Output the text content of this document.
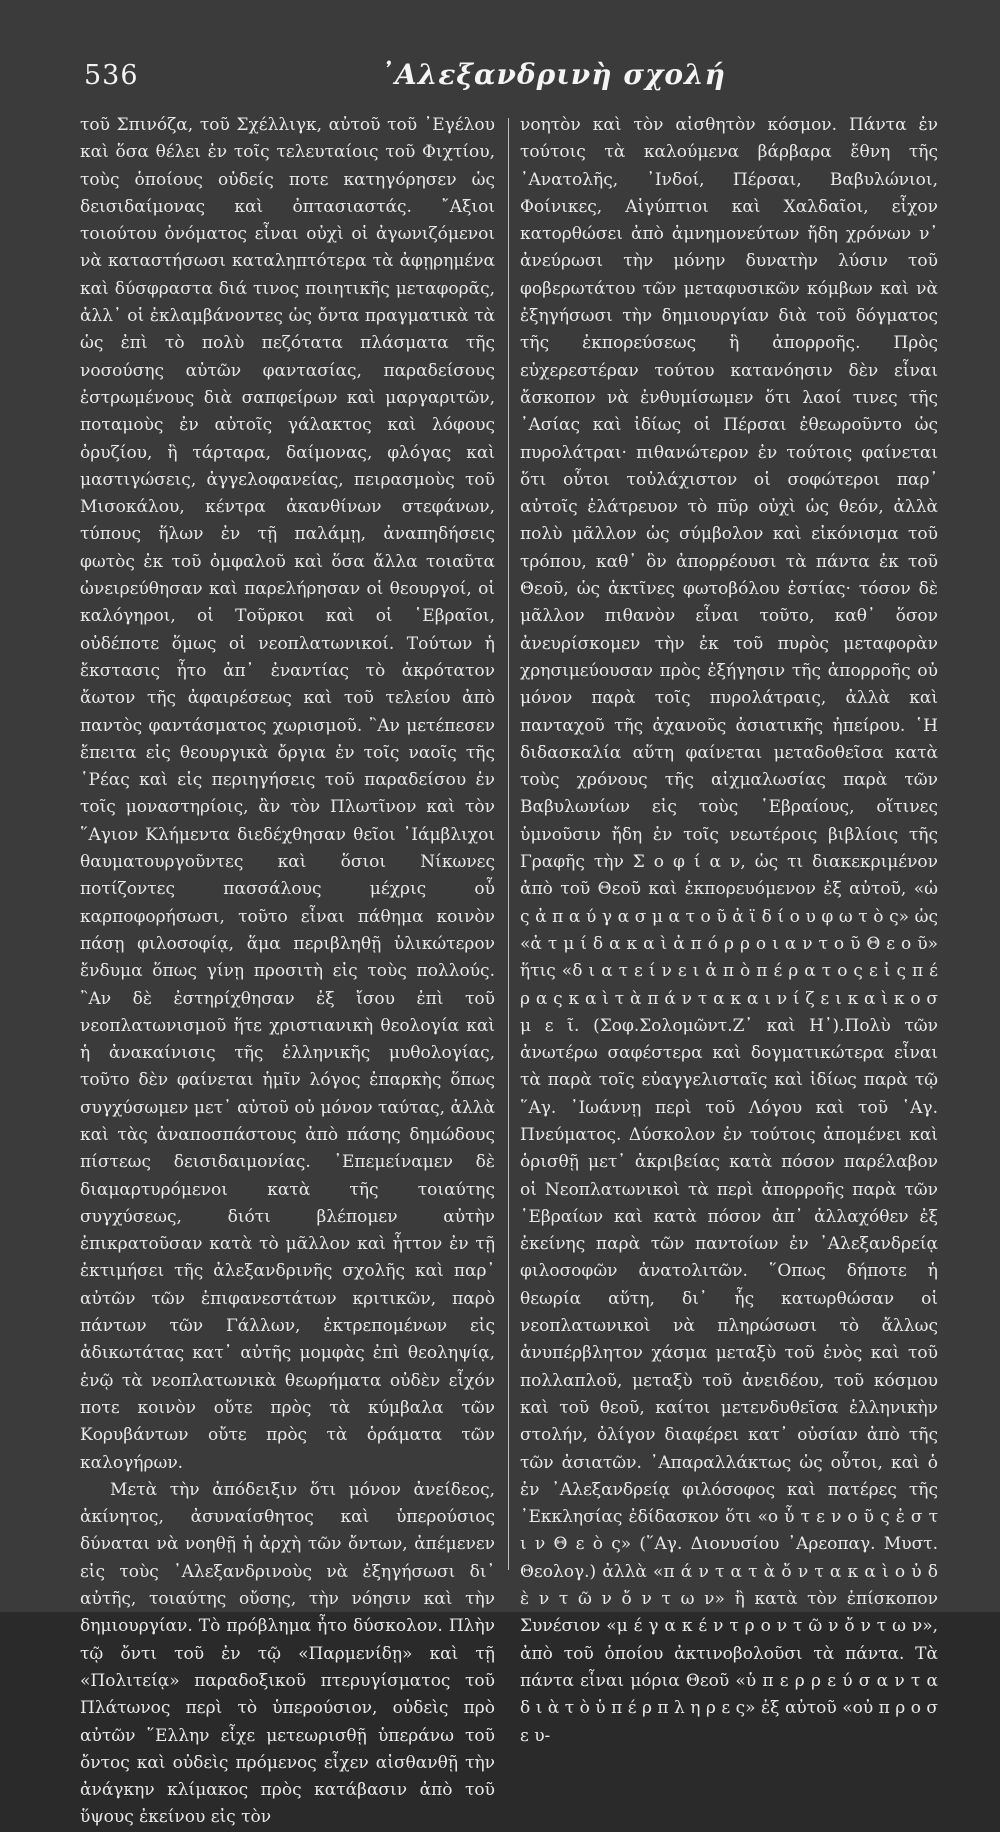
536	᾿Αλεξανδρινὴ σχολή

τοῦ Σπινόζα, τοῦ Σχέλλιγκ, αὐτοῦ τοῦ ᾿Εγέλου καὶ ὅσα θέλει ἐν τοῖς τελευταίοις τοῦ Φιχτίου, τοὺς ὁποίους οὐδείς ποτε κατηγόρησεν ὡς δεισιδαίμονας καὶ ὀπτασιαστάς. ῎Αξιοι τοιούτου ὀνόματος εἶναι οὐχὶ οἱ ἀγωνιζόμενοι νὰ καταστήσωσι καταληπτότερα τὰ ἀφῃρημένα καὶ δύσφραστα διά τινος ποιητικῆς μεταφορᾶς, ἀλλ᾿ οἱ ἐκλαμβάνοντες ὡς ὄντα πραγματικὰ τὰ ὡς ἐπὶ τὸ πολὺ πεζότατα πλάσματα τῆς νοσούσης αὐτῶν φαντασίας, παραδείσους ἐστρωμένους διὰ σαπφείρων καὶ μαργαριτῶν, ποταμοὺς ἐν αὐτοῖς γάλακτος καὶ λόφους ὀρυζίου, ἢ τάρταρα, δαίμονας, φλόγας καὶ μαστιγώσεις, ἀγγελοφανείας, πειρασμοὺς τοῦ Μισοκάλου, κέντρα ἀκανθίνων στεφάνων, τύπους ἥλων ἐν τῇ παλάμῃ, ἀναπηδήσεις φωτὸς ἐκ τοῦ ὀμφαλοῦ καὶ ὅσα ἄλλα τοιαῦτα ὠνειρεύθησαν καὶ παρελήρησαν οἱ θεουργοί, οἱ καλόγηροι, οἱ Τοῦρκοι καὶ οἱ ῾Εβραῖοι, οὐδέποτε ὅμως οἱ νεοπλατωνικοί. Τούτων ἡ ἔκστασις ἦτο ἀπ᾿ ἐναντίας τὸ ἀκρότατον ἄωτον τῆς ἀφαιρέσεως καὶ τοῦ τελείου ἀπὸ παντὸς φαντάσματος χωρισμοῦ. ῍Αν μετέπεσεν ἔπειτα εἰς θεουργικὰ ὄργια ἐν τοῖς ναοῖς τῆς ῾Ρέας καὶ εἰς περιηγήσεις τοῦ παραδείσου ἐν τοῖς μοναστηρίοις, ἂν τὸν Πλωτῖνον καὶ τὸν ῞Αγιον Κλήμεντα διεδέχθησαν θεῖοι ᾿Ιάμβλιχοι θαυματουργοῦντες καὶ ὅσιοι Νίκωνες ποτίζοντες πασσάλους μέχρις οὗ καρποφορήσωσι, τοῦτο εἶναι πάθημα κοινὸν πάσῃ φιλοσοφίᾳ, ἅμα περιβληθῇ ὑλικώτερον ἔνδυμα ὅπως γίνῃ προσιτὴ εἰς τοὺς πολλούς. ῍Αν δὲ ἐστηρίχθησαν ἐξ ἴσου ἐπὶ τοῦ νεοπλατωνισμοῦ ἥτε χριστιανικὴ θεολογία καὶ ἡ ἀνακαίνισις τῆς ἑλληνικῆς μυθολογίας, τοῦτο δὲν φαίνεται ἡμῖν λόγος ἐπαρκὴς ὅπως συγχύσωμεν μετ᾿ αὐτοῦ οὐ μόνον ταύτας, ἀλλὰ καὶ τὰς ἀναποσπάστους ἀπὸ πάσης δημώδους πίστεως δεισιδαιμονίας. ᾿Επεμείναμεν δὲ διαμαρτυρόμενοι κατὰ τῆς τοιαύτης συγχύσεως, διότι βλέπομεν αὐτὴν ἐπικρατοῦσαν κατὰ τὸ μᾶλλον καὶ ἧττον ἐν τῇ ἐκτιμήσει τῆς ἀλεξανδρινῆς σχολῆς καὶ παρ᾿ αὐτῶν τῶν ἐπιφανεστάτων κριτικῶν, παρὸ πάντων τῶν Γάλλων, ἐκτρεπομένων εἰς ἀδικωτάτας κατ᾿ αὐτῆς μομφὰς ἐπὶ θεοληψίᾳ, ἐνῷ τὰ νεοπλατωνικὰ θεωρήματα οὐδὲν εἶχόν ποτε κοινὸν οὔτε πρὸς τὰ κύμβαλα τῶν Κορυβάντων οὔτε πρὸς τὰ ὁράματα τῶν καλογήρων.

Μετὰ τὴν ἀπόδειξιν ὅτι μόνον ἀνείδεος, ἀκίνητος, ἀσυναίσθητος καὶ ὑπερούσιος δύναται νὰ νοηθῇ ἡ ἀρχὴ τῶν ὄντων, ἀπέμενεν εἰς τοὺς ᾿Αλεξανδρινοὺς νὰ ἐξηγήσωσι δι᾿ αὐτῆς, τοιαύτης οὔσης, τὴν νόησιν καὶ τὴν δημιουργίαν. Τὸ πρόβλημα ἦτο δύσκολον. Πλὴν τῷ ὄντι τοῦ ἐν τῷ «Παρμενίδῃ» καὶ τῇ «Πολιτείᾳ» παραδοξικοῦ πτερυγίσματος τοῦ Πλάτωνος περὶ τὸ ὑπερούσιον, οὐδεὶς πρὸ αὐτῶν ῞Ελλην εἶχε μετεωρισθῇ ὑπεράνω τοῦ ὄντος καὶ οὐδεὶς πρόμενος εἶχεν αἰσθανθῇ τὴν ἀνάγκην κλίμακος πρὸς κατάβασιν ἀπὸ τοῦ ὕψους ἐκείνου εἰς τὸν

νοητὸν καὶ τὸν αἰσθητὸν κόσμον. Πάντα ἐν τούτοις τὰ καλούμενα βάρβαρα ἔθνη τῆς ᾿Ανατολῆς, ᾿Ινδοί, Πέρσαι, Βαβυλώνιοι, Φοίνικες, Αἰγύπτιοι καὶ Χαλδαῖοι, εἶχον κατορθώσει ἀπὸ ἀμνημονεύτων ἤδη χρόνων ν᾿ ἀνεύρωσι τὴν μόνην δυνατὴν λύσιν τοῦ φοβερωτάτου τῶν μεταφυσικῶν κόμβων καὶ νὰ ἐξηγήσωσι τὴν δημιουργίαν διὰ τοῦ δόγματος τῆς ἐκπορεύσεως ἢ ἀπορροῆς. Πρὸς εὐχερεστέραν τούτου κατανόησιν δὲν εἶναι ἄσκοπον νὰ ἐνθυμίσωμεν ὅτι λαοί τινες τῆς ᾿Ασίας καὶ ἰδίως οἱ Πέρσαι ἐθεωροῦντο ὡς πυρολάτραι· πιθανώτερον ἐν τούτοις φαίνεται ὅτι οὗτοι τοὐλάχιστον οἱ σοφώτεροι παρ᾿ αὐτοῖς ἐλάτρευον τὸ πῦρ οὐχὶ ὡς θεόν, ἀλλὰ πολὺ μᾶλλον ὡς σύμβολον καὶ εἰκόνισμα τοῦ τρόπου, καθ᾿ ὃν ἀπορρέουσι τὰ πάντα ἐκ τοῦ Θεοῦ, ὡς ἀκτῖνες φωτοβόλου ἑστίας· τόσον δὲ μᾶλλον πιθανὸν εἶναι τοῦτο, καθ᾿ ὅσον ἀνευρίσκομεν τὴν ἐκ τοῦ πυρὸς μεταφορὰν χρησιμεύουσαν πρὸς ἐξήγησιν τῆς ἀπορροῆς οὐ μόνον παρὰ τοῖς πυρολάτραις, ἀλλὰ καὶ πανταχοῦ τῆς ἀχανοῦς ἀσιατικῆς ἠπείρου. ῾Η διδασκαλία αὕτη φαίνεται μεταδοθεῖσα κατὰ τοὺς χρόνους τῆς αἰχμαλωσίας παρὰ τῶν Βαβυλωνίων εἰς τοὺς ῾Εβραίους, οἵτινες ὑμνοῦσιν ἤδη ἐν τοῖς νεωτέροις βιβλίοις τῆς Γραφῆς τὴν Σ ο φ ί α ν, ὡς τι διακεκριμένον ἀπὸ τοῦ Θεοῦ καὶ ἐκπορευόμενον ἐξ αὐτοῦ, «ὡ ς ἀ π α ύ γ α σ μ α τ ο ῦ ἀ ϊ δ ί ο υ φ ω τ ὸ ς» ὡς «ἀ τ μ ί δ α κ α ὶ ἀ π ό ρ ρ ο ι α ν τ ο ῦ Θ ε ο ῦ» ἥτις «δ ι α τ ε ί ν ε ι ἀ π ὸ π έ ρ α τ ο ς ε ἰ ς π έ ρ α ς κ α ὶ τ ὰ π ά ν τ α κ α ι ν ί ζ ε ι κ α ὶ κ ο σ μ ε ῖ. (Σοφ.Σολομῶντ.Ζ᾿ καὶ Η᾿).Πολὺ τῶν ἀνωτέρω σαφέστερα καὶ δογματικώτερα εἶναι τὰ παρὰ τοῖς εὐαγγελισταῖς καὶ ἰδίως παρὰ τῷ ῞Αγ. ᾿Ιωάννῃ περὶ τοῦ Λόγου καὶ τοῦ ῾Αγ. Πνεύματος. Δύσκολον ἐν τούτοις ἀπομένει καὶ ὁρισθῇ μετ᾿ ἀκριβείας κατὰ πόσον παρέλαβον οἱ Νεοπλατωνικοὶ τὰ περὶ ἀπορροῆς παρὰ τῶν ῾Εβραίων καὶ κατὰ πόσον ἀπ᾿ ἀλλαχόθεν ἐξ ἐκείνης παρὰ τῶν παντοίων ἐν ᾿Αλεξανδρείᾳ φιλοσοφῶν ἀνατολιτῶν. ῞Οπως δήποτε ἡ θεωρία αὕτη, δι᾿ ἧς κατωρθώσαν οἱ νεοπλατωνικοὶ νὰ πληρώσωσι τὸ ἄλλως ἀνυπέρβλητον χάσμα μεταξὺ τοῦ ἑνὸς καὶ τοῦ πολλαπλοῦ, μεταξὺ τοῦ ἀνειδέου, τοῦ κόσμου καὶ τοῦ θεοῦ, καίτοι μετενδυθεῖσα ἑλληνικὴν στολήν, ὀλίγον διαφέρει κατ᾿ οὐσίαν ἀπὸ τῆς τῶν ἀσιατῶν. ᾿Απαραλλάκτως ὡς οὗτοι, καὶ ὁ ἐν ᾿Αλεξανδρείᾳ φιλόσοφος καὶ πατέρες τῆς ᾿Εκκλησίας ἐδίδασκον ὅτι «ο ὗ τ ε ν ο ῦ ς ἐ σ τ ι ν Θ ε ὸ ς» (῞Αγ. Διονυσίου ᾿Αρεοπαγ. Μυστ. Θεολογ.) ἀλλὰ «π ά ν τ α τ ὰ ὄ ν τ α κ α ὶ ο ὐ δ ὲ ν τ ῶ ν ὄ ν τ ω ν» ἢ κατὰ τὸν ἐπίσκοπον Συνέσιον «μ έ γ α κ έ ν τ ρ ο ν τ ῶ ν ὄ ν τ ω ν», ἀπὸ τοῦ ὁποίου ἀκτινοβολοῦσι τὰ πάντα. Τὰ πάντα εἶναι μόρια Θεοῦ «ὑ π ε ρ ρ ε ύ σ α ν τ α δ ι ὰ τ ὸ ὑ π έ ρ π λ η ρ ε ς» ἐξ αὐτοῦ «οὐ π ρ ο σ ε υ-
